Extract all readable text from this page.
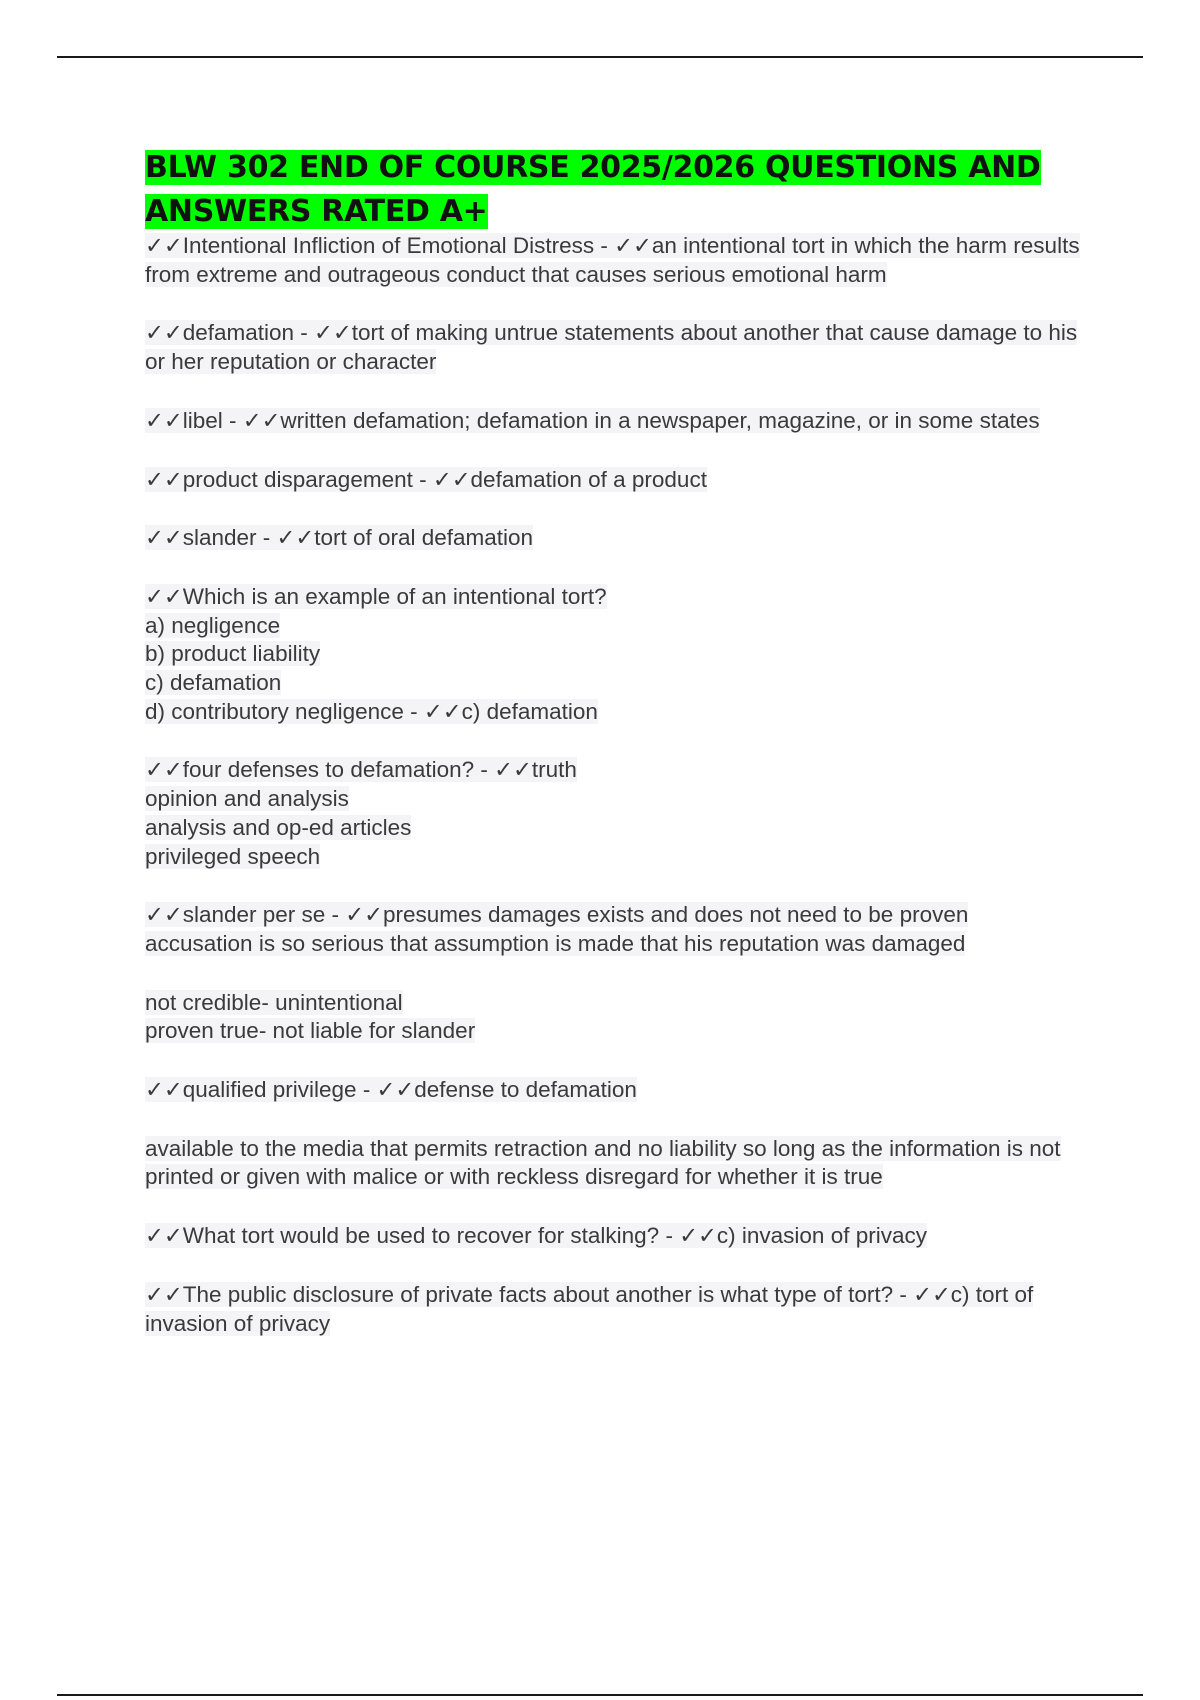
BLW 302 END OF COURSE 2025/2026 QUESTIONS AND ANSWERS RATED A+

✓✓Intentional Infliction of Emotional Distress - ✓✓an intentional tort in which the harm results from extreme and outrageous conduct that causes serious emotional harm

✓✓defamation - ✓✓tort of making untrue statements about another that cause damage to his or her reputation or character

✓✓libel - ✓✓written defamation; defamation in a newspaper, magazine, or in some states

✓✓product disparagement - ✓✓defamation of a product

✓✓slander - ✓✓tort of oral defamation

✓✓Which is an example of an intentional tort?
a) negligence
b) product liability
c) defamation
d) contributory negligence - ✓✓c) defamation

✓✓four defenses to defamation? - ✓✓truth
opinion and analysis
analysis and op-ed articles
privileged speech

✓✓slander per se - ✓✓presumes damages exists and does not need to be proven
accusation is so serious that assumption is made that his reputation was damaged

not credible- unintentional
proven true- not liable for slander

✓✓qualified privilege - ✓✓defense to defamation

available to the media that permits retraction and no liability so long as the information is not printed or given with malice or with reckless disregard for whether it is true

✓✓What tort would be used to recover for stalking? - ✓✓c) invasion of privacy

✓✓The public disclosure of private facts about another is what type of tort? - ✓✓c) tort of invasion of privacy
